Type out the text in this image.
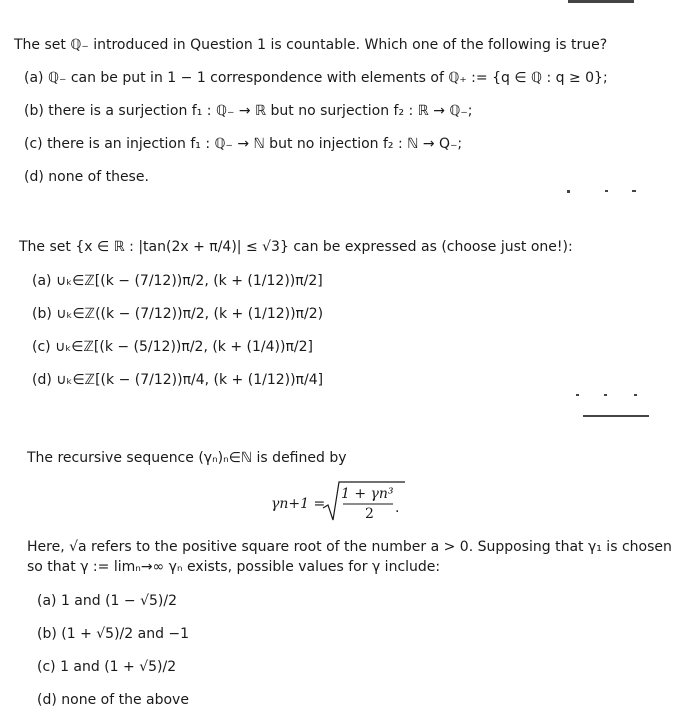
The set ℚ₋ introduced in Question 1 is countable. Which one of the following is true?
(a) ℚ₋ can be put in 1 − 1 correspondence with elements of ℚ₊ := {q ∈ ℚ : q ≥ 0};
(b) there is a surjection f₁ : ℚ₋ → ℝ but no surjection f₂ : ℝ → ℚ₋;
(c) there is an injection f₁ : ℚ₋ → ℕ but no injection f₂ : ℕ → Q₋;
(d) none of these.
The set {x ∈ ℝ : |tan(2x + π/4)| ≤ √3} can be expressed as (choose just one!):
(a) ∪ₖ∈ℤ[(k − (7/12))π/2, (k + (1/12))π/2]
(b) ∪ₖ∈ℤ((k − (7/12))π/2, (k + (1/12))π/2)
(c) ∪ₖ∈ℤ[(k − (5/12))π/2, (k + (1/4))π/2]
(d) ∪ₖ∈ℤ[(k − (7/12))π/4, (k + (1/12))π/4]
The recursive sequence (γₙ)ₙ∈ℕ is defined by
γn+1 =
1 + γn³
2 .
Here, √a refers to the positive square root of the number a > 0. Supposing that γ₁ is chosen
so that γ := limₙ→∞ γₙ exists, possible values for γ include:
(a) 1 and (1 − √5)/2
(b) (1 + √5)/2 and −1
(c) 1 and (1 + √5)/2
(d) none of the above
